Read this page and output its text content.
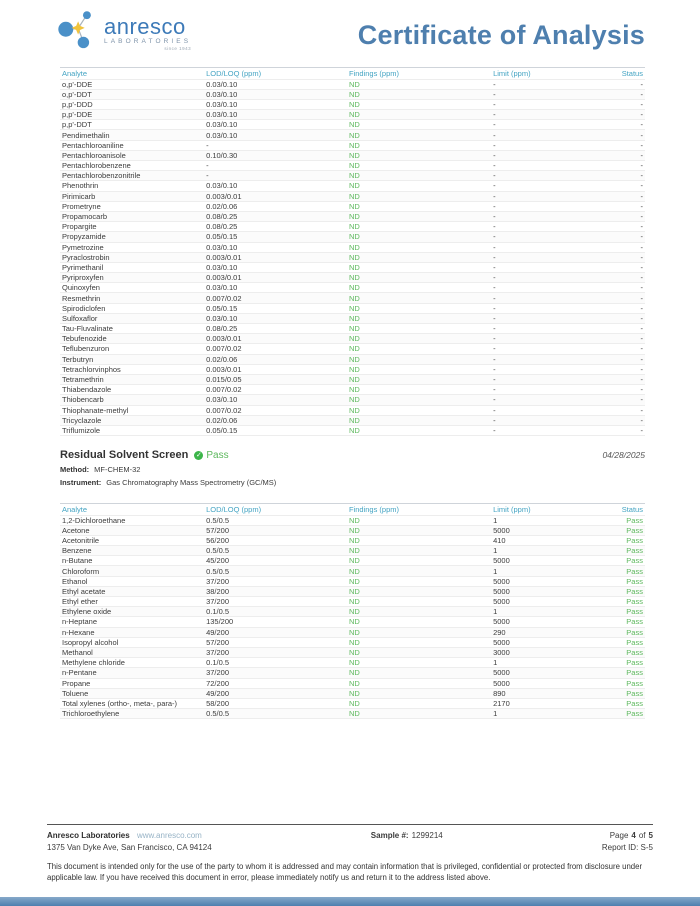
anresco
LABORATORIES
since 1943	Certificate of Analysis
Analyte	LOD/LOQ (ppm)	Findings (ppm)	Limit (ppm)	Status
o,p'-DDE	0.03/0.10	ND	-	-
o,p'-DDT	0.03/0.10	ND	-	-
p,p'-DDD	0.03/0.10	ND	-	-
p,p'-DDE	0.03/0.10	ND	-	-
p,p'-DDT	0.03/0.10	ND	-	-
Pendimethalin	0.03/0.10	ND	-	-
Pentachloroaniline	-	ND	-	-
Pentachloroanisole	0.10/0.30	ND	-	-
Pentachlorobenzene	-	ND	-	-
Pentachlorobenzonitrile	-	ND	-	-
Phenothrin	0.03/0.10	ND	-	-
Pirimicarb	0.003/0.01	ND	-	-
Prometryne	0.02/0.06	ND	-	-
Propamocarb	0.08/0.25	ND	-	-
Propargite	0.08/0.25	ND	-	-
Propyzamide	0.05/0.15	ND	-	-
Pymetrozine	0.03/0.10	ND	-	-
Pyraclostrobin	0.003/0.01	ND	-	-
Pyrimethanil	0.03/0.10	ND	-	-
Pyriproxyfen	0.003/0.01	ND	-	-
Quinoxyfen	0.03/0.10	ND	-	-
Resmethrin	0.007/0.02	ND	-	-
Spirodiclofen	0.05/0.15	ND	-	-
Sulfoxaflor	0.03/0.10	ND	-	-
Tau-Fluvalinate	0.08/0.25	ND	-	-
Tebufenozide	0.003/0.01	ND	-	-
Teflubenzuron	0.007/0.02	ND	-	-
Terbutryn	0.02/0.06	ND	-	-
Tetrachlorvinphos	0.003/0.01	ND	-	-
Tetramethrin	0.015/0.05	ND	-	-
Thiabendazole	0.007/0.02	ND	-	-
Thiobencarb	0.03/0.10	ND	-	-
Thiophanate-methyl	0.007/0.02	ND	-	-
Tricyclazole	0.02/0.06	ND	-	-
Triflumizole	0.05/0.15	ND	-	-
Residual Solvent Screen ✓ Pass	04/28/2025
Method: MF-CHEM-32
Instrument: Gas Chromatography Mass Spectrometry (GC/MS)
Analyte	LOD/LOQ (ppm)	Findings (ppm)	Limit (ppm)	Status
1,2-Dichloroethane	0.5/0.5	ND	1	Pass
Acetone	57/200	ND	5000	Pass
Acetonitrile	56/200	ND	410	Pass
Benzene	0.5/0.5	ND	1	Pass
n-Butane	45/200	ND	5000	Pass
Chloroform	0.5/0.5	ND	1	Pass
Ethanol	37/200	ND	5000	Pass
Ethyl acetate	38/200	ND	5000	Pass
Ethyl ether	37/200	ND	5000	Pass
Ethylene oxide	0.1/0.5	ND	1	Pass
n-Heptane	135/200	ND	5000	Pass
n-Hexane	49/200	ND	290	Pass
Isopropyl alcohol	57/200	ND	5000	Pass
Methanol	37/200	ND	3000	Pass
Methylene chloride	0.1/0.5	ND	1	Pass
n-Pentane	37/200	ND	5000	Pass
Propane	72/200	ND	5000	Pass
Toluene	49/200	ND	890	Pass
Total xylenes (ortho-, meta-, para-)	58/200	ND	2170	Pass
Trichloroethylene	0.5/0.5	ND	1	Pass
Anresco Laboratories www.anresco.com
1375 Van Dyke Ave, San Francisco, CA 94124
Sample #: 1299214	Page 4 of 5
Report ID: S-5
This document is intended only for the use of the party to whom it is addressed and may contain information that is privileged, confidential or protected from disclosure under applicable law. If you have received this document in error, please immediately notify us and return it to the address listed above.
